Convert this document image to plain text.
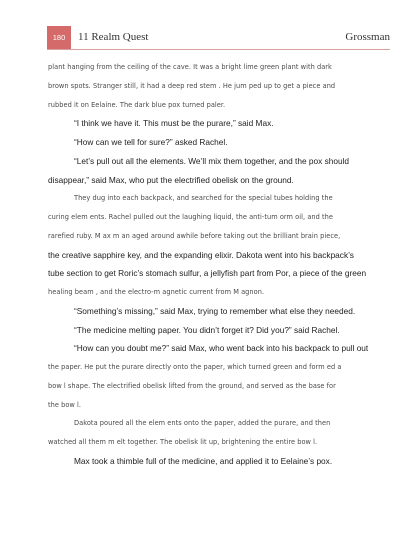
180	11 Realm Quest	Grossman
plant hanging from the ceiling of the cave. It was a bright lime green plant with dark
brown spots. Stranger still, it had a deep red stem . He jum ped up to get a piece and
rubbed it on Eelaine. The dark blue pox turned paler.
“I think we have it. This must be the purare,” said Max.
“How can we tell for sure?” asked Rachel.
“Let’s pull out all the elements. We’ll mix them together, and the pox should
disappear,” said Max, who put the electrified obelisk on the ground.
They dug into each backpack, and searched for the special tubes holding the
curing elem ents. Rachel pulled out the laughing liquid, the anti-tum orm oil, and the
rarefied ruby. M ax m an aged around awhile before taking out the brilliant brain piece,
the creative sapphire key, and the expanding elixir. Dakota went into his backpack’s
tube section to get Roric’s stomach sulfur, a jellyfish part from Por, a piece of the green
healing beam , and the electro-m agnetic current from M agnon.
“Something’s missing,” said Max, trying to remember what else they needed.
“The medicine melting paper. You didn’t forget it? Did you?” said Rachel.
“How can you doubt me?” said Max, who went back into his backpack to pull out
the paper. He put the purare directly onto the paper, which turned green and form ed a
bow l shape. The electrified obelisk lifted from the ground, and served as the base for
the bow l.
Dakota poured all the elem ents onto the paper, added the purare, and then
watched all them m elt together. The obelisk lit up, brightening the entire bow l.
Max took a thimble full of the medicine, and applied it to Eelaine’s pox.
